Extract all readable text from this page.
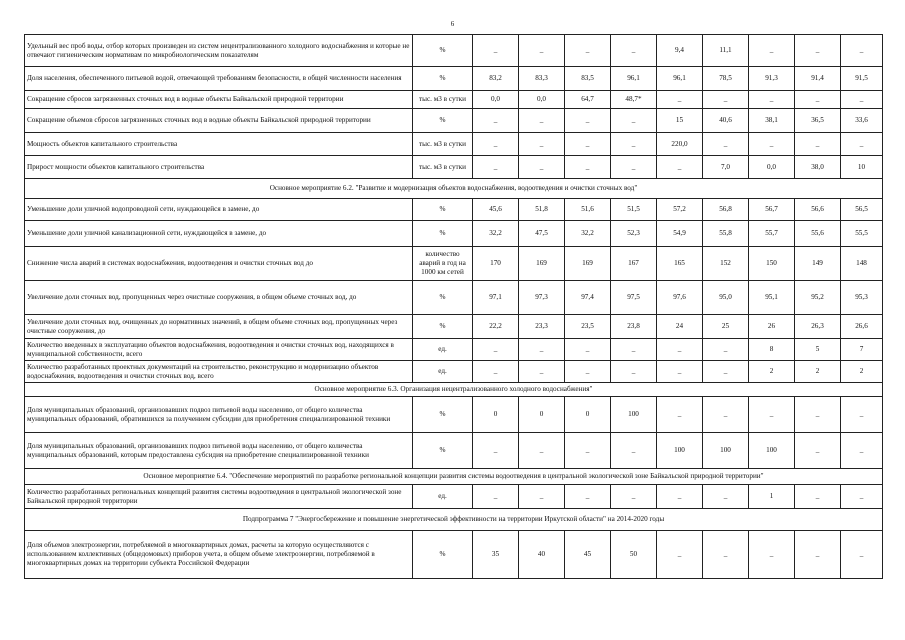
6
Удельный вес проб воды, отбор которых произведен из систем нецентрализованного холодного водоснабжения и которые не отвечают гигиеническим нормативам по микробиологическим показателям	%	_	_	_	_	9,4	11,1	_	_	_
Доля населения, обеспеченного питьевой водой, отвечающей требованиям безопасности, в общей численности населения	%	83,2	83,3	83,5	96,1	96,1	78,5	91,3	91,4	91,5
Сокращение сбросов загрязненных сточных вод в водные объекты Байкальской природной территории	тыс. м3 в сутки	0,0	0,0	64,7	48,7*	_	_	_	_	_
Сокращение объемов сбросов загрязненных сточных вод в водные объекты Байкальской природной территории	%	_	_	_	_	15	40,6	38,1	36,5	33,6
Мощность объектов капитального строительства	тыс. м3 в сутки	_	_	_	_	220,0	_	_	_	_
Прирост мощности объектов капитального строительства	тыс. м3 в сутки	_	_	_	_	_	7,0	0,0	38,0	10
Основное мероприятие 6.2. "Развитие и модернизация объектов водоснабжения, водоотведения и очистки сточных вод"										
Уменьшение доли уличной водопроводной сети, нуждающейся в замене, до	%	45,6	51,8	51,6	51,5	57,2	56,8	56,7	56,6	56,5
Уменьшение доли уличной канализационной сети, нуждающейся в замене, до	%	32,2	47,5	32,2	52,3	54,9	55,8	55,7	55,6	55,5
Снижение числа аварий в системах водоснабжения, водоотведения и очистки сточных вод до	количество аварий в год на 1000 км сетей	170	169	169	167	165	152	150	149	148
Увеличение доли сточных вод, пропущенных через очистные сооружения, в общем объеме сточных вод, до	%	97,1	97,3	97,4	97,5	97,6	95,0	95,1	95,2	95,3
Увеличение доли сточных вод, очищенных до нормативных значений, в общем объеме сточных вод, пропущенных через очистные сооружения, до	%	22,2	23,3	23,5	23,8	24	25	26	26,3	26,6
Количество введенных в эксплуатацию объектов водоснабжения, водоотведения и очистки сточных вод, находящихся в муниципальной собственности, всего	ед.	_	_	_	_	_	_	8	5	7
Количество разработанных проектных документаций на строительство, реконструкцию и модернизацию объектов водоснабжения, водоотведения и очистки сточных вод, всего	ед.	_	_	_	_	_	_	2	2	2
Основное мероприятие 6.3. Организация нецентрализованного холодного водоснабжения"										
Доля муниципальных образований, организовавших подвоз питьевой воды населению, от общего количества муниципальных образований, обратившихся за получением субсидии для приобретения специализированной техники	%	0	0	0	100	_	_	_	_	_
Доля муниципальных образований, организовавших подвоз питьевой воды населению, от общего количества муниципальных образований, которым предоставлена субсидия на приобретение специализированной техники	%	_	_	_	_	100	100	100	_	_
Основное мероприятие 6.4. "Обеспечение мероприятий по разработке региональной концепции развития системы водоотведения в центральной экологической зоне Байкальской природной территории"										
Количество разработанных региональных концепций развития системы водоотведения в центральной экологической зоне Байкальской природной территории	ед.	_	_	_	_	_	_	1	_	_
Подпрограмма 7 "Энергосбережение и повышение энергетической эффективности на территории Иркутской области" на 2014-2020 годы										
Доля объемов электроэнергии, потребляемой в многоквартирных домах, расчеты за которую осуществляются с использованием коллективных (общедомовых) приборов учета, в общем объеме электроэнергии, потребляемой в многоквартирных домах на территории субъекта Российской Федерации	%	35	40	45	50	_	_	_	_	_
